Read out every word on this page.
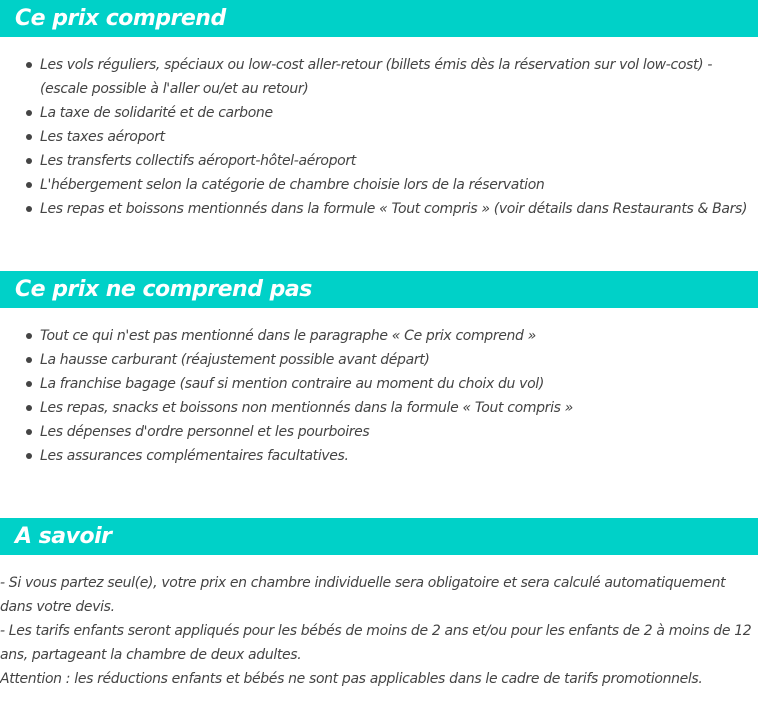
Ce prix comprend
Les vols réguliers, spéciaux ou low-cost aller-retour (billets émis dès la réservation sur vol low-cost) - (escale possible à l'aller ou/et au retour)
La taxe de solidarité et de carbone
Les taxes aéroport
Les transferts collectifs aéroport-hôtel-aéroport
L'hébergement selon la catégorie de chambre choisie lors de la réservation
Les repas et boissons mentionnés dans la formule « Tout compris » (voir détails dans Restaurants & Bars)
Ce prix ne comprend pas
Tout ce qui n'est pas mentionné dans le paragraphe « Ce prix comprend »
La hausse carburant (réajustement possible avant départ)
La franchise bagage (sauf si mention contraire au moment du choix du vol)
Les repas, snacks et boissons non mentionnés dans la formule « Tout compris »
Les dépenses d'ordre personnel et les pourboires
Les assurances complémentaires facultatives.
A savoir

- Si vous partez seul(e), votre prix en chambre individuelle sera obligatoire et sera calculé automatiquement dans votre devis.

- Les tarifs enfants seront appliqués pour les bébés de moins de 2 ans et/ou pour les enfants de 2 à moins de 12 ans, partageant la chambre de deux adultes.

Attention : les réductions enfants et bébés ne sont pas applicables dans le cadre de tarifs promotionnels.
